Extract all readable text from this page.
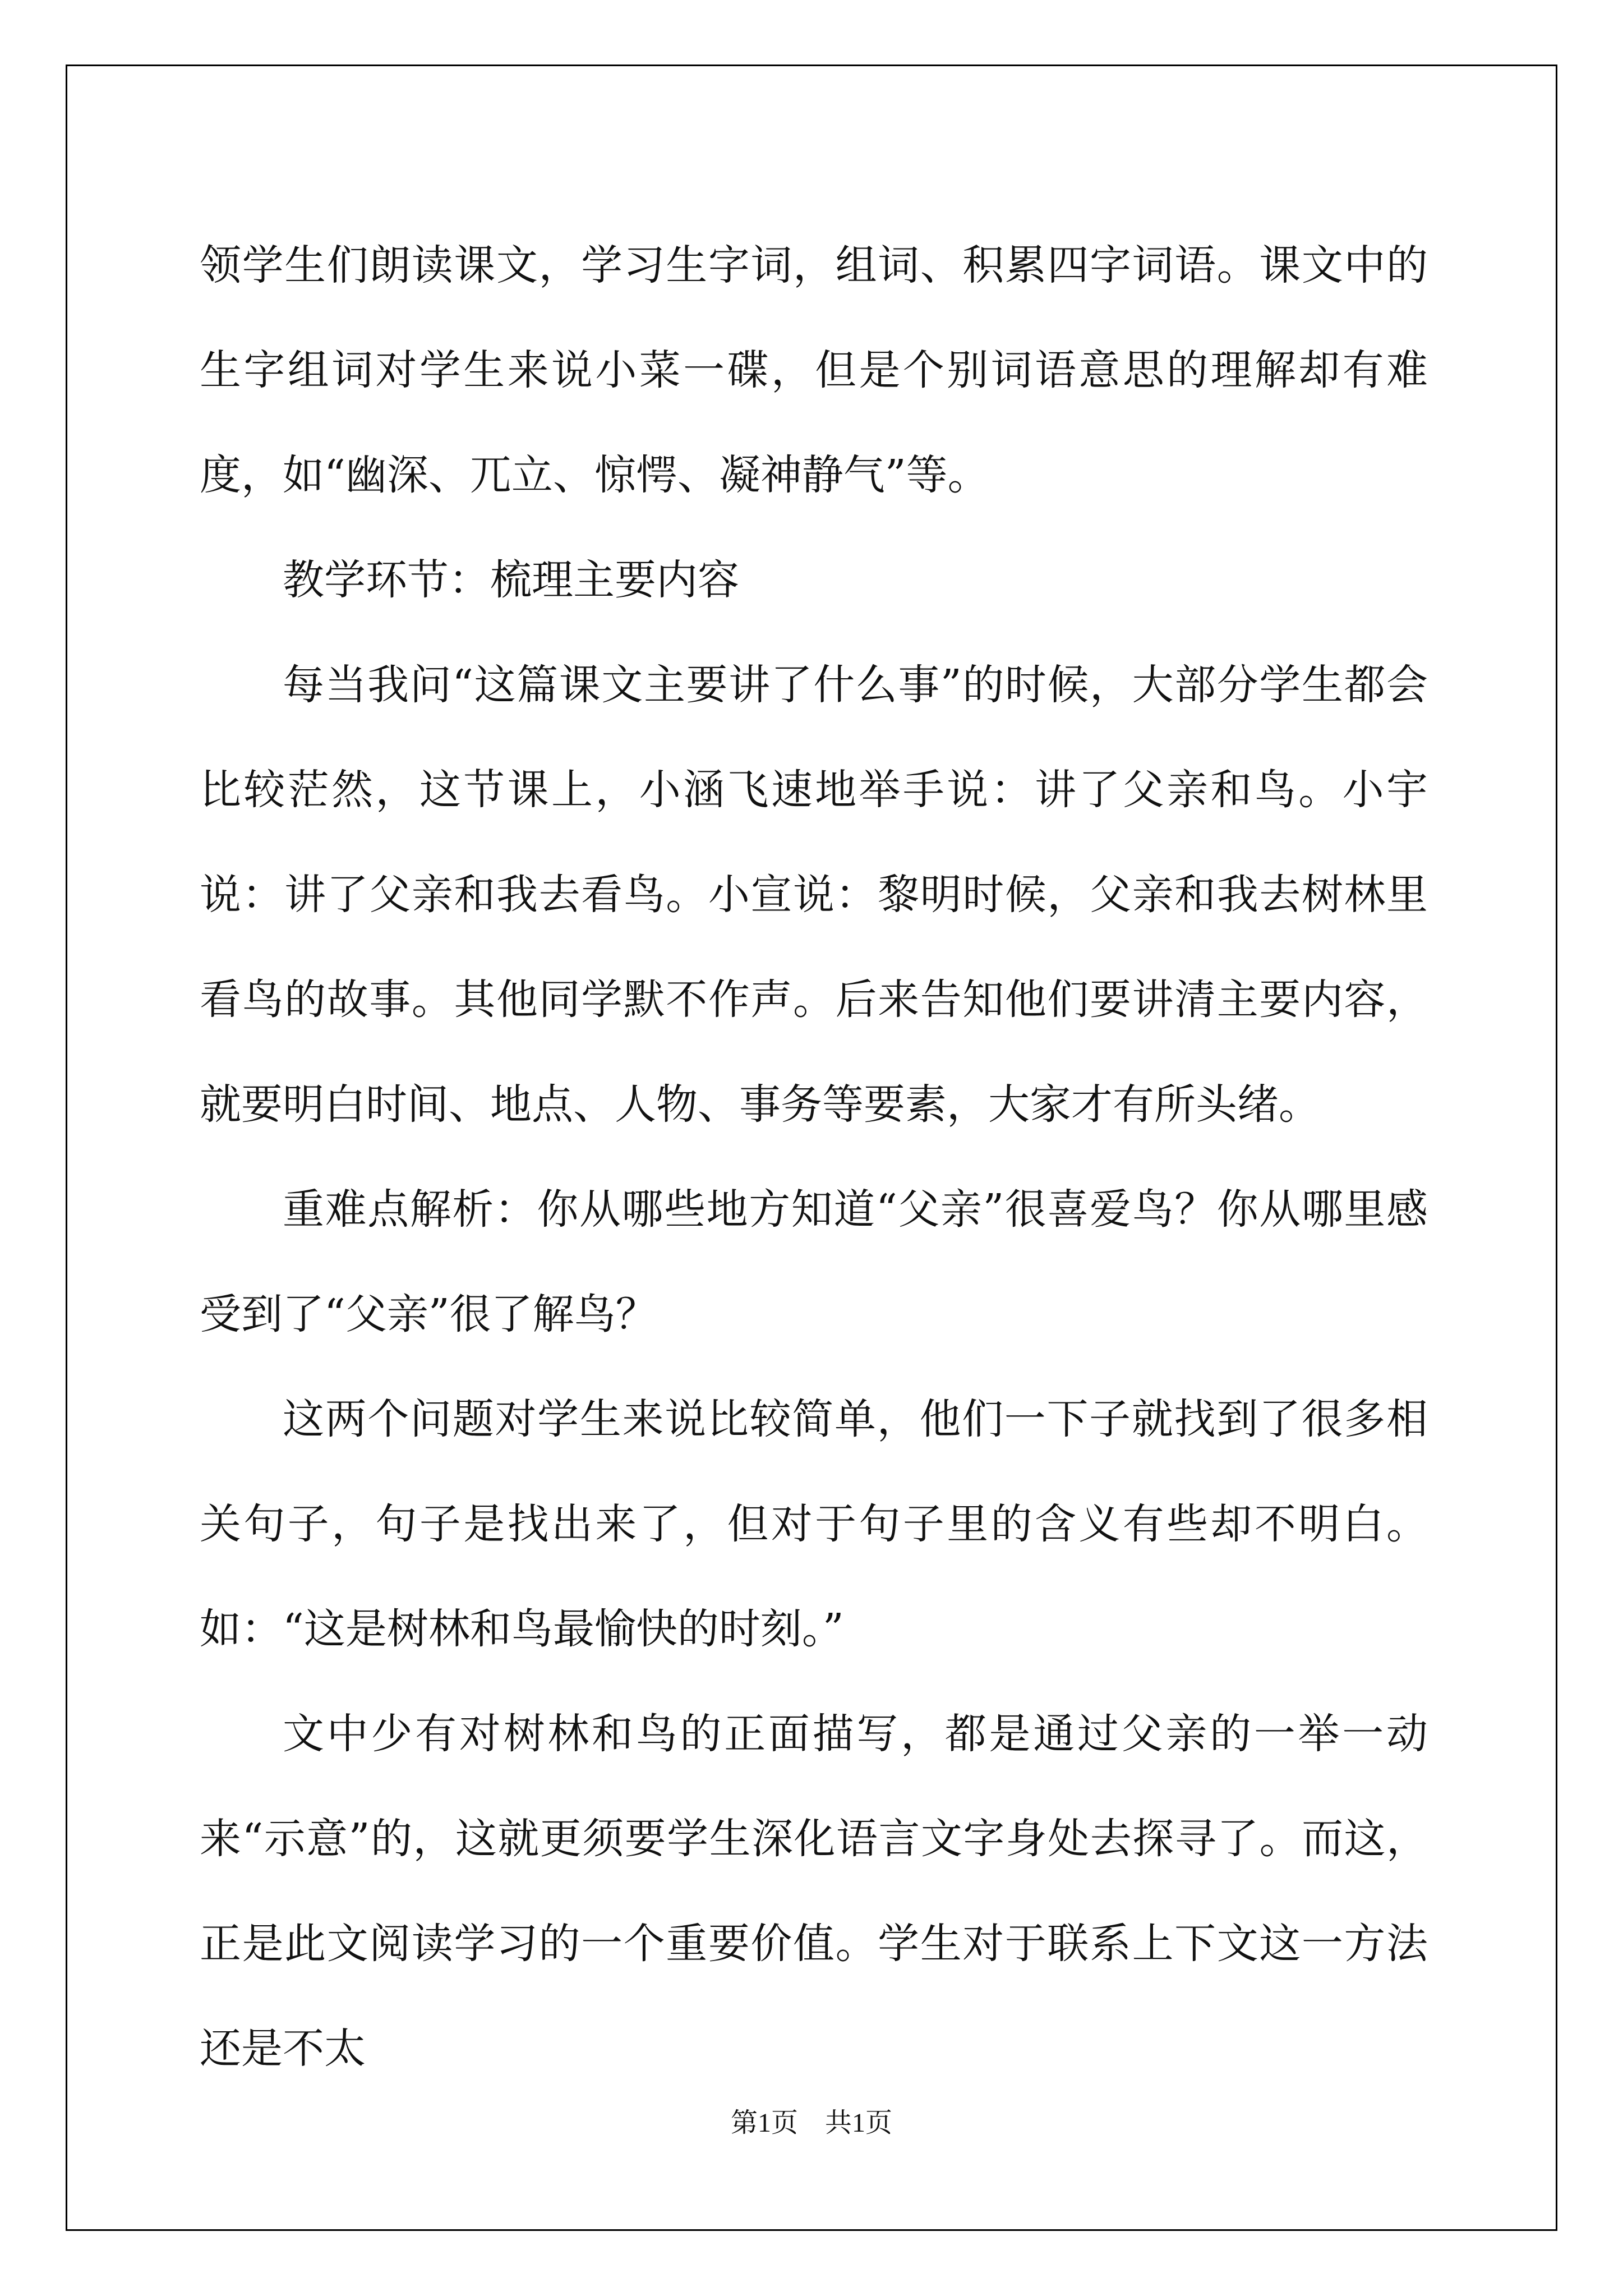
领学生们朗读课文，学习生字词，组词、积累四字词语。课文中的生字组词对学生来说小菜一碟，但是个别词语意思的理解却有难度，如“幽深、兀立、惊愕、凝神静气”等。

教学环节：梳理主要内容

每当我问“这篇课文主要讲了什么事”的时候，大部分学生都会比较茫然，这节课上，小涵飞速地举手说：讲了父亲和鸟。小宇说：讲了父亲和我去看鸟。小宣说：黎明时候，父亲和我去树林里看鸟的故事。其他同学默不作声。后来告知他们要讲清主要内容，就要明白时间、地点、人物、事务等要素，大家才有所头绪。

重难点解析：你从哪些地方知道“父亲”很喜爱鸟？你从哪里感受到了“父亲”很了解鸟？

这两个问题对学生来说比较简单，他们一下子就找到了很多相关句子，句子是找出来了，但对于句子里的含义有些却不明白。如：“这是树林和鸟最愉快的时刻。”

文中少有对树林和鸟的正面描写，都是通过父亲的一举一动来“示意”的，这就更须要学生深化语言文字身处去探寻了。而这，正是此文阅读学习的一个重要价值。学生对于联系上下文这一方法还是不太

第1页　共1页
